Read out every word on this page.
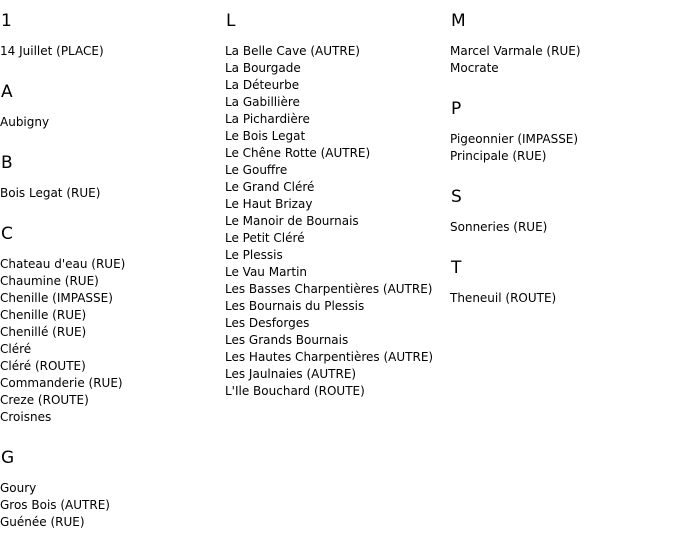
1
14 Juillet (PLACE)
A
Aubigny
B
Bois Legat (RUE)
C
Chateau d'eau (RUE)
Chaumine (RUE)
Chenille (IMPASSE)
Chenille (RUE)
Chenillé (RUE)
Cléré
Cléré (ROUTE)
Commanderie (RUE)
Creze (ROUTE)
Croisnes
G
Goury
Gros Bois (AUTRE)
Guénée (RUE)
L
La Belle Cave (AUTRE)
La Bourgade
La Déteurbe
La Gabillière
La Pichardière
Le Bois Legat
Le Chêne Rotte (AUTRE)
Le Gouffre
Le Grand Cléré
Le Haut Brizay
Le Manoir de Bournais
Le Petit Cléré
Le Plessis
Le Vau Martin
Les Basses Charpentières (AUTRE)
Les Bournais du Plessis
Les Desforges
Les Grands Bournais
Les Hautes Charpentières (AUTRE)
Les Jaulnaies (AUTRE)
L'Ile Bouchard (ROUTE)
M
Marcel Varmale (RUE)
Mocrate
P
Pigeonnier (IMPASSE)
Principale (RUE)
S
Sonneries (RUE)
T
Theneuil (ROUTE)
